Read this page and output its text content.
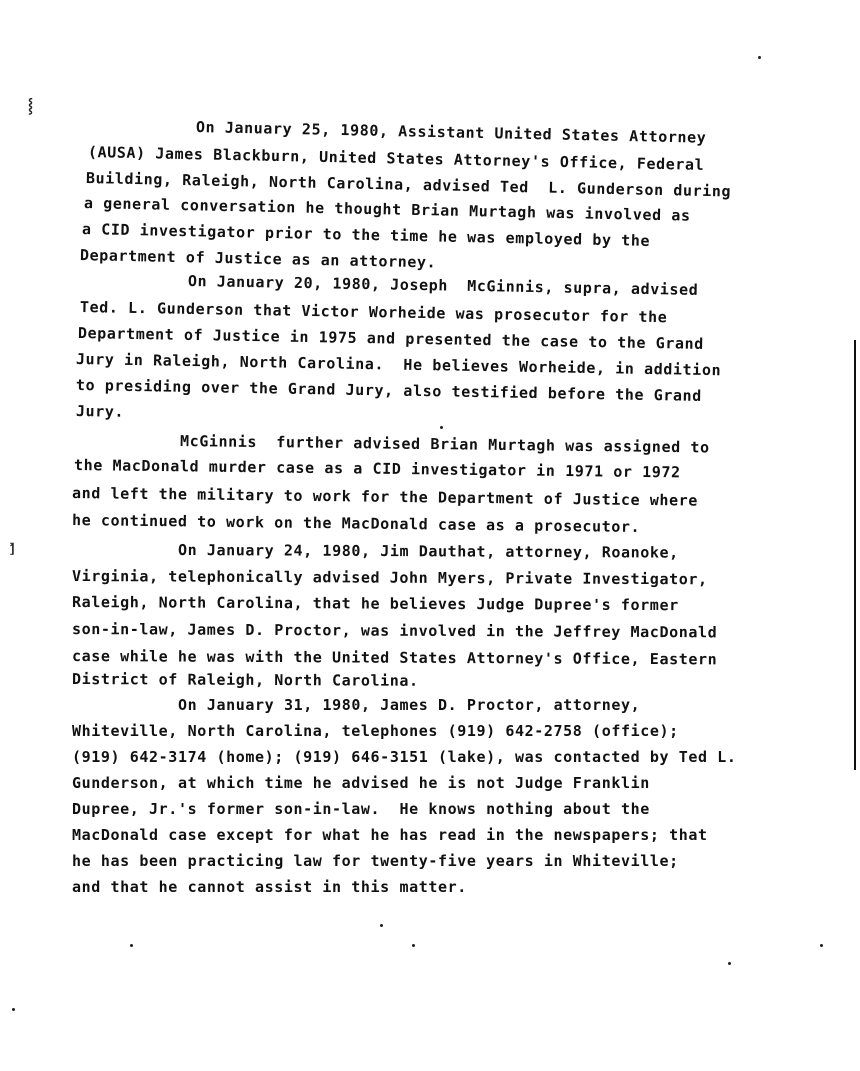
⸾
⦐
On January 25, 1980, Assistant United States Attorney
(AUSA) James Blackburn, United States Attorney's Office, Federal
Building, Raleigh, North Carolina, advised Ted  L. Gunderson during
a general conversation he thought Brian Murtagh was involved as
a CID investigator prior to the time he was employed by the
Department of Justice as an attorney.
On January 20, 1980, Joseph  McGinnis, supra, advised
Ted. L. Gunderson that Victor Worheide was prosecutor for the
Department of Justice in 1975 and presented the case to the Grand
Jury in Raleigh, North Carolina.  He believes Worheide, in addition
to presiding over the Grand Jury, also testified before the Grand
Jury.
McGinnis  further advised Brian Murtagh was assigned to
the MacDonald murder case as a CID investigator in 1971 or 1972
and left the military to work for the Department of Justice where
he continued to work on the MacDonald case as a prosecutor.
On January 24, 1980, Jim Dauthat, attorney, Roanoke,
Virginia, telephonically advised John Myers, Private Investigator,
Raleigh, North Carolina, that he believes Judge Dupree's former
son-in-law, James D. Proctor, was involved in the Jeffrey MacDonald
case while he was with the United States Attorney's Office, Eastern
District of Raleigh, North Carolina.
On January 31, 1980, James D. Proctor, attorney,
Whiteville, North Carolina, telephones (919) 642-2758 (office);
(919) 642-3174 (home); (919) 646-3151 (lake), was contacted by Ted L.
Gunderson, at which time he advised he is not Judge Franklin
Dupree, Jr.'s former son-in-law.  He knows nothing about the
MacDonald case except for what he has read in the newspapers; that
he has been practicing law for twenty-five years in Whiteville;
and that he cannot assist in this matter.
